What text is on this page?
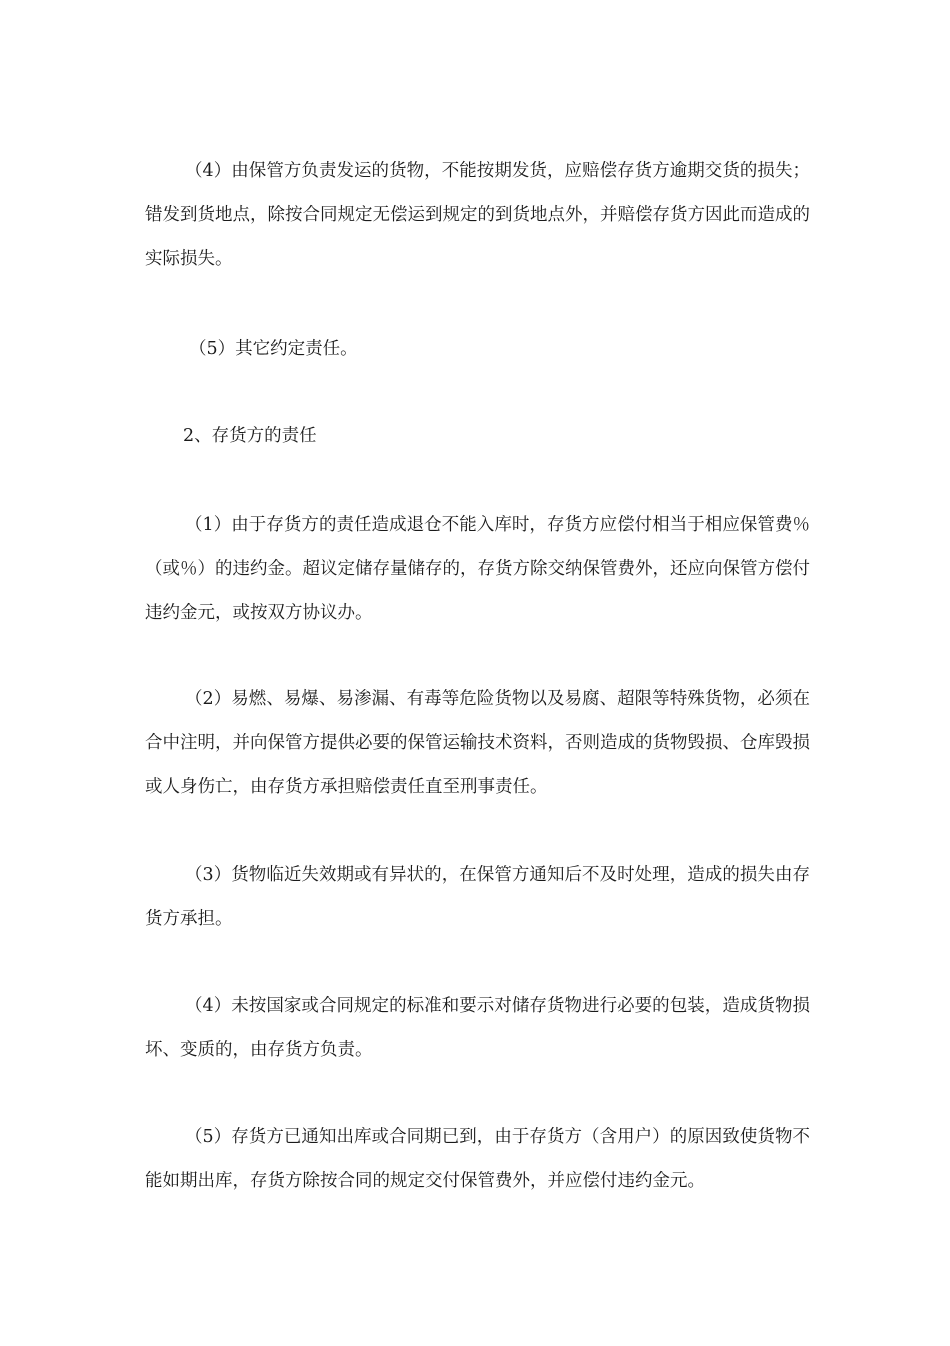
（4）由保管方负责发运的货物，不能按期发货，应赔偿存货方逾期交货的损失；错发到货地点，除按合同规定无偿运到规定的到货地点外，并赔偿存货方因此而造成的实际损失。

（5）其它约定责任。

2、存货方的责任

（1）由于存货方的责任造成退仓不能入库时，存货方应偿付相当于相应保管费％（或％）的违约金。超议定储存量储存的，存货方除交纳保管费外，还应向保管方偿付违约金元，或按双方协议办。

（2）易燃、易爆、易渗漏、有毒等危险货物以及易腐、超限等特殊货物，必须在合中注明，并向保管方提供必要的保管运输技术资料，否则造成的货物毁损、仓库毁损或人身伤亡，由存货方承担赔偿责任直至刑事责任。

（3）货物临近失效期或有异状的，在保管方通知后不及时处理，造成的损失由存货方承担。

（4）未按国家或合同规定的标准和要示对储存货物进行必要的包装，造成货物损坏、变质的，由存货方负责。

（5）存货方已通知出库或合同期已到，由于存货方（含用户）的原因致使货物不能如期出库，存货方除按合同的规定交付保管费外，并应偿付违约金元。
